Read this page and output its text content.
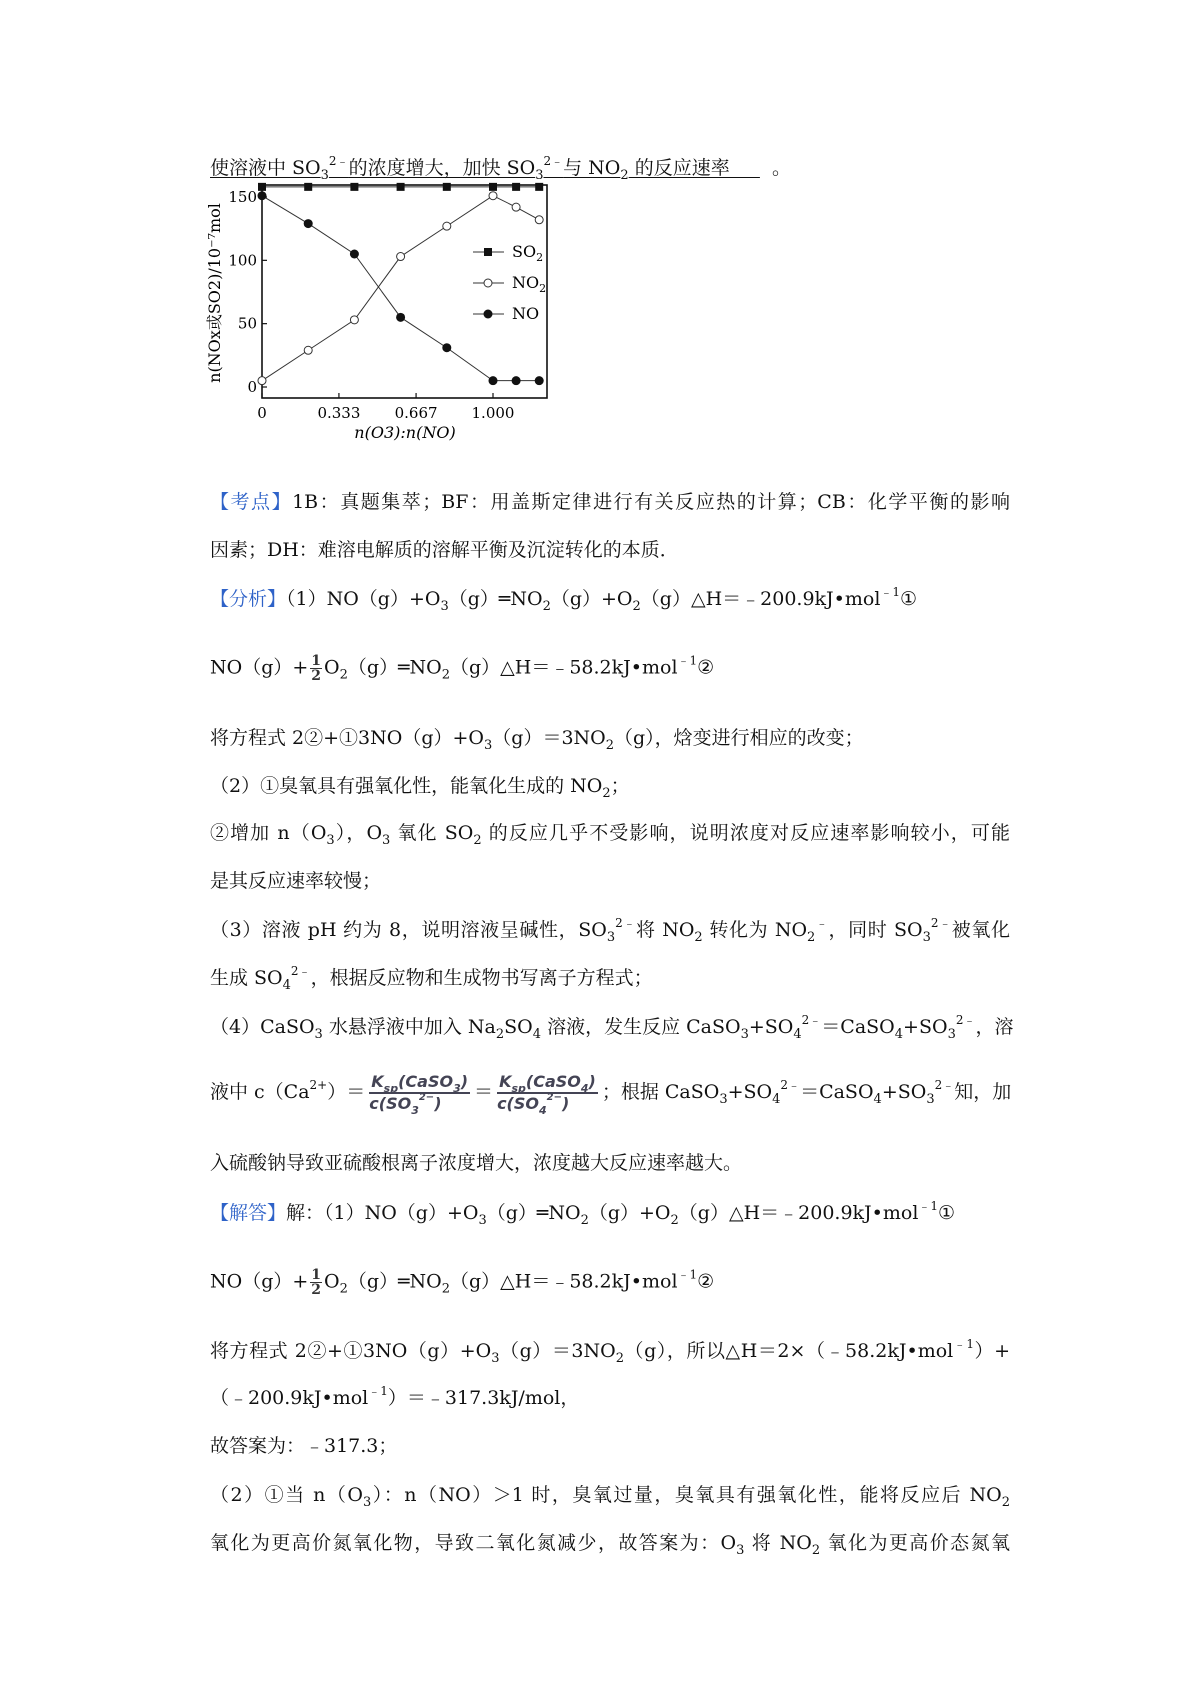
使溶液中 $SO_3^{2﹣}$的浓度增大，加快 $SO_3^{2﹣}$与 $NO_2$ 的反应速率       。
0	0.333 0.667 1.000
0
50
100
150
$SO_2$
$NO_2$
NO
n(O3):n(NO)
n(NOx或SO2)/10⁻⁷mol
【考点】1B：真题集萃；BF：用盖斯定律进行有关反应热的计算；CB：化学平衡的影响
因素；DH：难溶电解质的溶解平衡及沉淀转化的本质．
【分析】$(1)NO(g)+O_3(g)═NO_2(g)+O_2(g)\triangle H=﹣200.9kJ•mol^{﹣1}①$
$NO(g)+ \frac{1}{2}$ $O_2(g)═NO_2(g)\triangle H=﹣58.2kJ•mol^{﹣1}②$
将方程式 $2②+①3NO(g)+O_3(g)=3NO_2(g)$，焓变进行相应的改变；
（2）①臭氧具有强氧化性，能氧化生成的 $NO_2$；
②增加 $n(O_3)$，$O_3$ 氧化 $SO_2$ 的反应几乎不受影响，说明浓度对反应速率影响较小，可能
是其反应速率较慢；
（3）溶液 pH 约为 8，说明溶液呈碱性，$SO_3^{2﹣}$将 $NO_2$ 转化为 $NO_2^﹣$，同时 $SO_3^{2﹣}$被氧化
生成 $SO_4^{2﹣}$，根据反应物和生成物书写离子方程式；
（4）CaSO$_3$ 水悬浮液中加入 $Na_2SO_4$ 溶液，发生反应 $CaSO_3+SO_4^{2﹣}=CaSO_4+SO_3^{2﹣}$，溶
液中 $c(Ca^{2+})=$ $K_{sp}(CaSO_3)$
$c(SO_3^{2-})$
＝ $K_{sp}(CaSO_4)$
$c(SO_4^{2-})$
；根据 $CaSO_3+SO_4^{2﹣}=CaSO_4+SO_3^{2﹣}$知，加
入硫酸钠导致亚硫酸根离子浓度增大，浓度越大反应速率越大。
【解答】解：$(1)NO(g)+O_3(g)═NO_2(g)+O_2(g)\triangle H=﹣200.9kJ•mol^{﹣1}①$
$NO(g)+ \frac{1}{2}$ $O_2(g)═NO_2(g)\triangle H=﹣58.2kJ•mol^{﹣1}②$
将方程式 $2②+①3NO(g)+O_3(g)=3NO_2(g)$，所以△H＝2×（﹣58.2kJ•mol$^{﹣1}$）+
（﹣200.9kJ•mol$^{﹣1}$）＝﹣317.3kJ/mol，
故答案为：﹣317.3；
（2）①当 $n(O_3)$：n（NO）＞1 时，臭氧过量，臭氧具有强氧化性，能将反应后 $NO_2$
氧化为更高价氮氧化物，导致二氧化氮减少，故答案为：$O_3$ 将 $NO_2$ 氧化为更高价态氮氧
